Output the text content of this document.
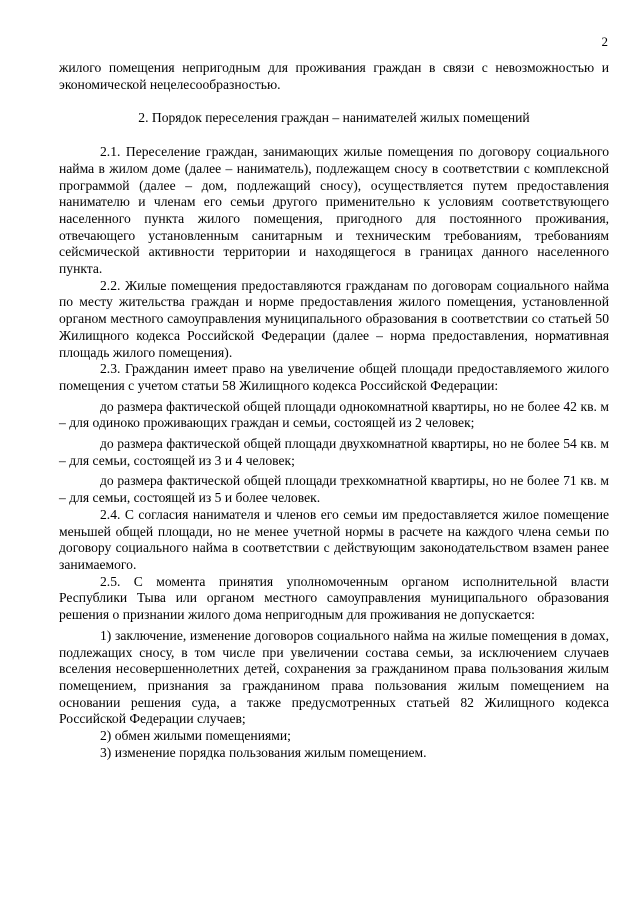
2

жилого помещения непригодным для проживания граждан в связи с невозможностью и экономической нецелесообразностью.

2. Порядок переселения граждан – нанимателей жилых помещений

2.1. Переселение граждан, занимающих жилые помещения по договору социального найма в жилом доме (далее – наниматель), подлежащем сносу в соответствии с комплексной программой (далее – дом, подлежащий сносу), осуществляется путем предоставления нанимателю и членам его семьи другого применительно к условиям соответствующего населенного пункта жилого помещения, пригодного для постоянного проживания, отвечающего установленным санитарным и техническим требованиям, требованиям сейсмической активности территории и находящегося в границах данного населенного пункта.

2.2. Жилые помещения предоставляются гражданам по договорам социального найма по месту жительства граждан и норме предоставления жилого помещения, установленной органом местного самоуправления муниципального образования в соответствии со статьей 50 Жилищного кодекса Российской Федерации (далее – норма предоставления, нормативная площадь жилого помещения).

2.3. Гражданин имеет право на увеличение общей площади предоставляемого жилого помещения с учетом статьи 58 Жилищного кодекса Российской Федерации:

до размера фактической общей площади однокомнатной квартиры, но не более 42 кв. м – для одиноко проживающих граждан и семьи, состоящей из 2 человек;

до размера фактической общей площади двухкомнатной квартиры, но не более 54 кв. м – для семьи, состоящей из 3 и 4 человек;

до размера фактической общей площади трехкомнатной квартиры, но не более 71 кв. м – для семьи, состоящей из 5 и более человек.

2.4. С согласия нанимателя и членов его семьи им предоставляется жилое помещение меньшей общей площади, но не менее учетной нормы в расчете на каждого члена семьи по договору социального найма в соответствии с действующим законодательством взамен ранее занимаемого.

2.5. С момента принятия уполномоченным органом исполнительной власти Республики Тыва или органом местного самоуправления муниципального образования решения о признании жилого дома непригодным для проживания не допускается:

1) заключение, изменение договоров социального найма на жилые помещения в домах, подлежащих сносу, в том числе при увеличении состава семьи, за исключением случаев вселения несовершеннолетних детей, сохранения за гражданином права пользования жилым помещением, признания за гражданином права пользования жилым помещением на основании решения суда, а также предусмотренных статьей 82 Жилищного кодекса Российской Федерации случаев;

2) обмен жилыми помещениями;

3) изменение порядка пользования жилым помещением.
